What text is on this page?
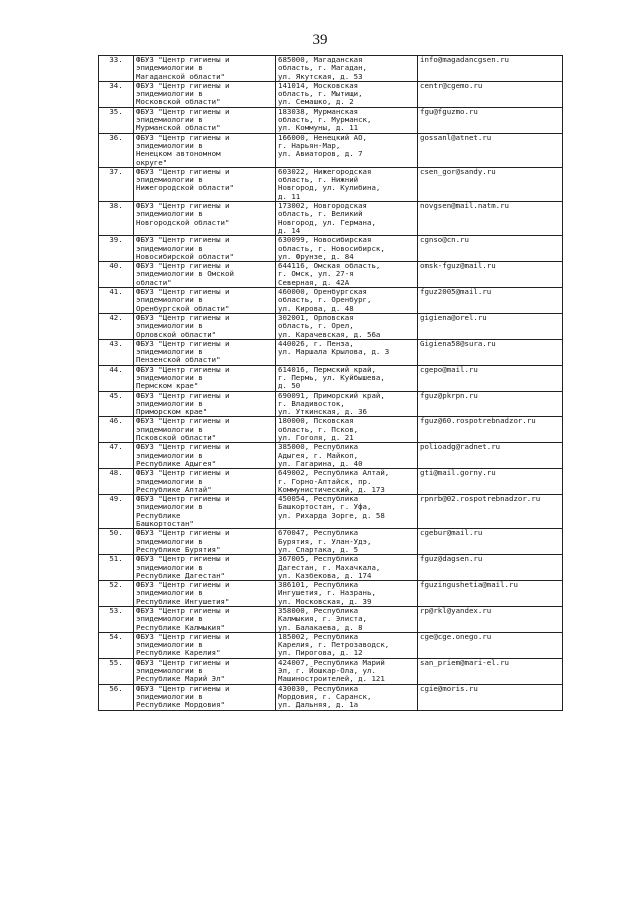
39
33.	ФБУЗ "Центр гигиены и
эпидемиологии в
Магаданской области"	685000, Магаданская
область, г. Магадан,
ул. Якутская, д. 53	info@magadancgsen.ru
34.	ФБУЗ "Центр гигиены и
эпидемиологии в
Московской области"	141014, Московская
область, г. Мытищи,
ул. Семашко, д. 2	centr@cgemo.ru
35.	ФБУЗ "Центр гигиены и
эпидемиологии в
Мурманской области"	183038, Мурманская
область, г. Мурманск,
ул. Коммуны, д. 11	fgu@fguzmo.ru
36.	ФБУЗ "Центр гигиены и
эпидемиологии в
Ненецком автономном
округе"	166000, Ненецкий АО,
г. Нарьян-Мар,
ул. Авиаторов, д. 7	gossanl@atnet.ru
37.	ФБУЗ "Центр гигиены и
эпидемиологии в
Нижегородской области"	603022, Нижегородская
область, г. Нижний
Новгород, ул. Кулибина,
д. 11	csen_gor@sandy.ru
38.	ФБУЗ "Центр гигиены и
эпидемиологии в
Новгородской области"	173002, Новгородская
область, г. Великий
Новгород, ул. Германа,
д. 14	novgsen@mail.natm.ru
39.	ФБУЗ "Центр гигиены и
эпидемиологии в
Новосибирской области"	630099, Новосибирская
область, г. Новосибирск,
ул. Фрунзе, д. 84	cgnso@cn.ru
40.	ФБУЗ "Центр гигиены и
эпидемиологии в Омской
области"	644116, Омская область,
г. Омск, ул. 27-я
Северная, д. 42А	omsk-fguz@mail.ru
41.	ФБУЗ "Центр гигиены и
эпидемиологии в
Оренбургской области"	460000, Оренбургская
область, г. Оренбург,
ул. Кирова, д. 48	fguz2005@mail.ru
42.	ФБУЗ "Центр гигиены и
эпидемиологии в
Орловской области"	302001, Орловская
область, г. Орел,
ул. Карачевская, д. 56а	gigiena@orel.ru
43.	ФБУЗ "Центр гигиены и
эпидемиологии в
Пензенской области"	440026, г. Пенза,
ул. Маршала Крылова, д. 3	Gigiena58@sura.ru
44.	ФБУЗ "Центр гигиены и
эпидемиологии в
Пермском крае"	614016, Пермский край,
г. Пермь, ул. Куйбышева,
д. 50	cgepo@mail.ru
45.	ФБУЗ "Центр гигиены и
эпидемиологии в
Приморском крае"	690091, Приморский край,
г. Владивосток,
ул. Уткинская, д. 36	fguz@pkrpn.ru
46.	ФБУЗ "Центр гигиены и
эпидемиологии в
Псковской области"	180000, Псковская
область, г. Псков,
ул. Гоголя, д. 21	fguz@60.rospotrebnadzor.ru
47.	ФБУЗ "Центр гигиены и
эпидемиологии в
Республике Адыгея"	385000, Республика
Адыгея, г. Майкоп,
ул. Гагарина, д. 40	polioadg@radnet.ru
48.	ФБУЗ "Центр гигиены и
эпидемиологии в
Республике Алтай"	649002, Республика Алтай,
г. Горно-Алтайск, пр.
Коммунистический, д. 173	gti@mail.gorny.ru
49.	ФБУЗ "Центр гигиены и
эпидемиологии в
Республике
Башкортостан"	450054, Республика
Башкортостан, г. Уфа,
ул. Рихарда Зорге, д. 58	rpnrb@02.rospotrebnadzor.ru
50.	ФБУЗ "Центр гигиены и
эпидемиологии в
Республике Бурятия"	670047, Республика
Бурятия, г. Улан-Удэ,
ул. Спартака, д. 5	cgebur@mail.ru
51.	ФБУЗ "Центр гигиены и
эпидемиологии в
Республике Дагестан"	367005, Республика
Дагестан, г. Махачкала,
ул. Казбекова, д. 174	fguz@dagsen.ru
52.	ФБУЗ "Центр гигиены и
эпидемиологии в
Республике Ингушетия"	386101, Республика
Ингушетия, г. Назрань,
ул. Московская, д. 39	fguzingushetia@mail.ru
53.	ФБУЗ "Центр гигиены и
эпидемиологии в
Республике Калмыкия"	358000, Республика
Калмыкия, г. Элиста,
ул. Балакаева, д. 8	rp@rkl@yandex.ru
54.	ФБУЗ "Центр гигиены и
эпидемиологии в
Республике Карелия"	185002, Республика
Карелия, г. Петрозаводск,
ул. Пирогова, д. 12	cge@cge.onego.ru
55.	ФБУЗ "Центр гигиены и
эпидемиологии в
Республике Марий Эл"	424007, Республика Марий
Эл, г. Йошкар-Ола, ул.
Машиностроителей, д. 121	san_priem@mari-el.ru
56.	ФБУЗ "Центр гигиены и
эпидемиологии в
Республике Мордовия"	430030, Республика
Мордовия, г. Саранск,
ул. Дальняя, д. 1а	cgie@moris.ru
